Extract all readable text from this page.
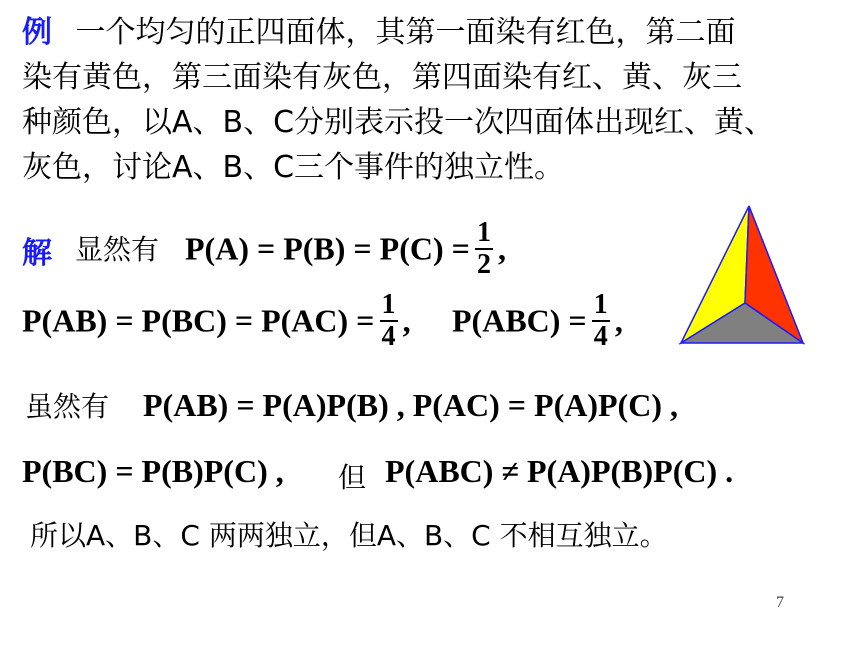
例 一个均匀的正四面体，其第一面染有红色，第二面
染有黄色，第三面染有灰色，第四面染有红、黄、灰三
种颜色，以A、B、C分别表示投一次四面体出现红、黄、
灰色，讨论A、B、C三个事件的独立性。
解 显然有 $P(A) = P(B) = P(C) = \frac{1}{2}$ ,
$P(AB) = P(BC) = P(AC) = \frac{1}{4}$ , $P(ABC) = \frac{1}{4}$ ,
虽然有 P(AB) = P(A)P(B) , P(AC) = P(A)P(C) ,
P(BC) = P(B)P(C) , 但 P(ABC) ≠ P(A)P(B)P(C) .
所以A、B、C 两两独立，但A、B、C 不相互独立。
7
